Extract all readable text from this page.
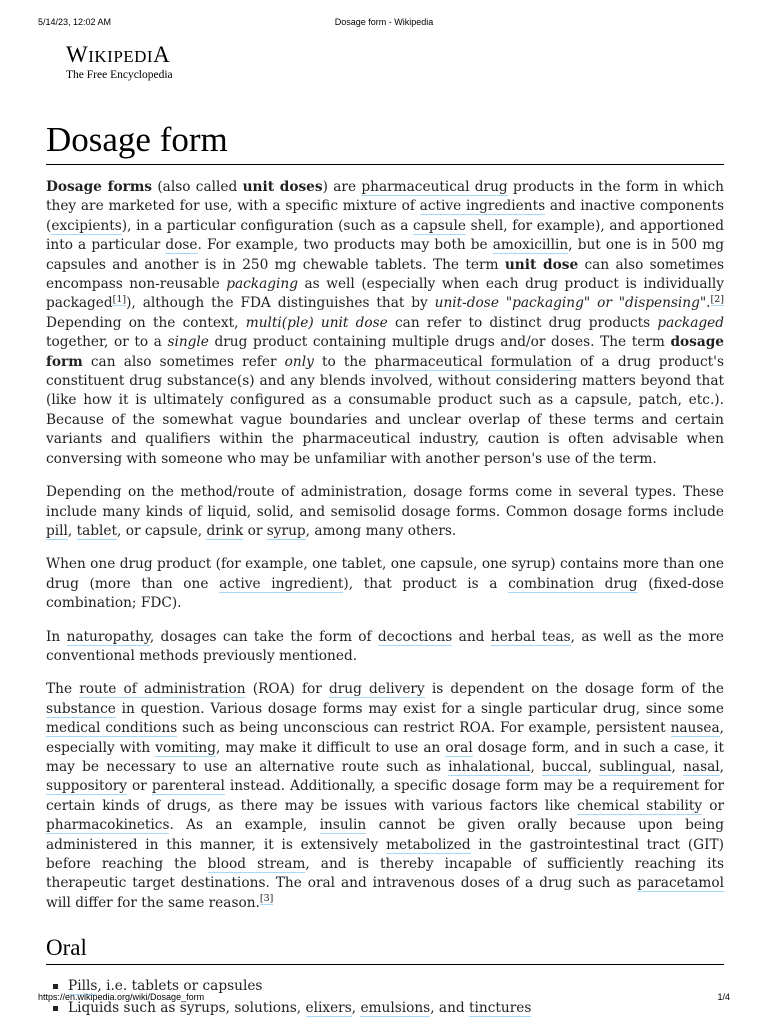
5/14/23, 12:02 AM	Dosage form - Wikipedia
WIKIPEDIA
The Free Encyclopedia
Dosage form

Dosage forms (also called unit doses) are pharmaceutical drug products in the form in which they are marketed for use, with a specific mixture of active ingredients and inactive components (excipients), in a particular configuration (such as a capsule shell, for example), and apportioned into a particular dose. For example, two products may both be amoxicillin, but one is in 500 mg capsules and another is in 250 mg chewable tablets. The term unit dose can also sometimes encompass non-reusable packaging as well (especially when each drug product is individually packaged[1]), although the FDA distinguishes that by unit-dose "packaging" or "dispensing".[2] Depending on the context, multi(ple) unit dose can refer to distinct drug products packaged together, or to a single drug product containing multiple drugs and/or doses. The term dosage form can also sometimes refer only to the pharmaceutical formulation of a drug product's constituent drug substance(s) and any blends involved, without considering matters beyond that (like how it is ultimately configured as a consumable product such as a capsule, patch, etc.). Because of the somewhat vague boundaries and unclear overlap of these terms and certain variants and qualifiers within the pharmaceutical industry, caution is often advisable when conversing with someone who may be unfamiliar with another person's use of the term.

Depending on the method/route of administration, dosage forms come in several types. These include many kinds of liquid, solid, and semisolid dosage forms. Common dosage forms include pill, tablet, or capsule, drink or syrup, among many others.

When one drug product (for example, one tablet, one capsule, one syrup) contains more than one drug (more than one active ingredient), that product is a combination drug (fixed-dose combination; FDC).

In naturopathy, dosages can take the form of decoctions and herbal teas, as well as the more conventional methods previously mentioned.

The route of administration (ROA) for drug delivery is dependent on the dosage form of the substance in question. Various dosage forms may exist for a single particular drug, since some medical conditions such as being unconscious can restrict ROA. For example, persistent nausea, especially with vomiting, may make it difficult to use an oral dosage form, and in such a case, it may be necessary to use an alternative route such as inhalational, buccal, sublingual, nasal, suppository or parenteral instead. Additionally, a specific dosage form may be a requirement for certain kinds of drugs, as there may be issues with various factors like chemical stability or pharmacokinetics. As an example, insulin cannot be given orally because upon being administered in this manner, it is extensively metabolized in the gastrointestinal tract (GIT) before reaching the blood stream, and is thereby incapable of sufficiently reaching its therapeutic target destinations. The oral and intravenous doses of a drug such as paracetamol will differ for the same reason.[3]

Oral
Pills, i.e. tablets or capsules
Liquids such as syrups, solutions, elixers, emulsions, and tinctures
https://en.wikipedia.org/wiki/Dosage_form	1/4
